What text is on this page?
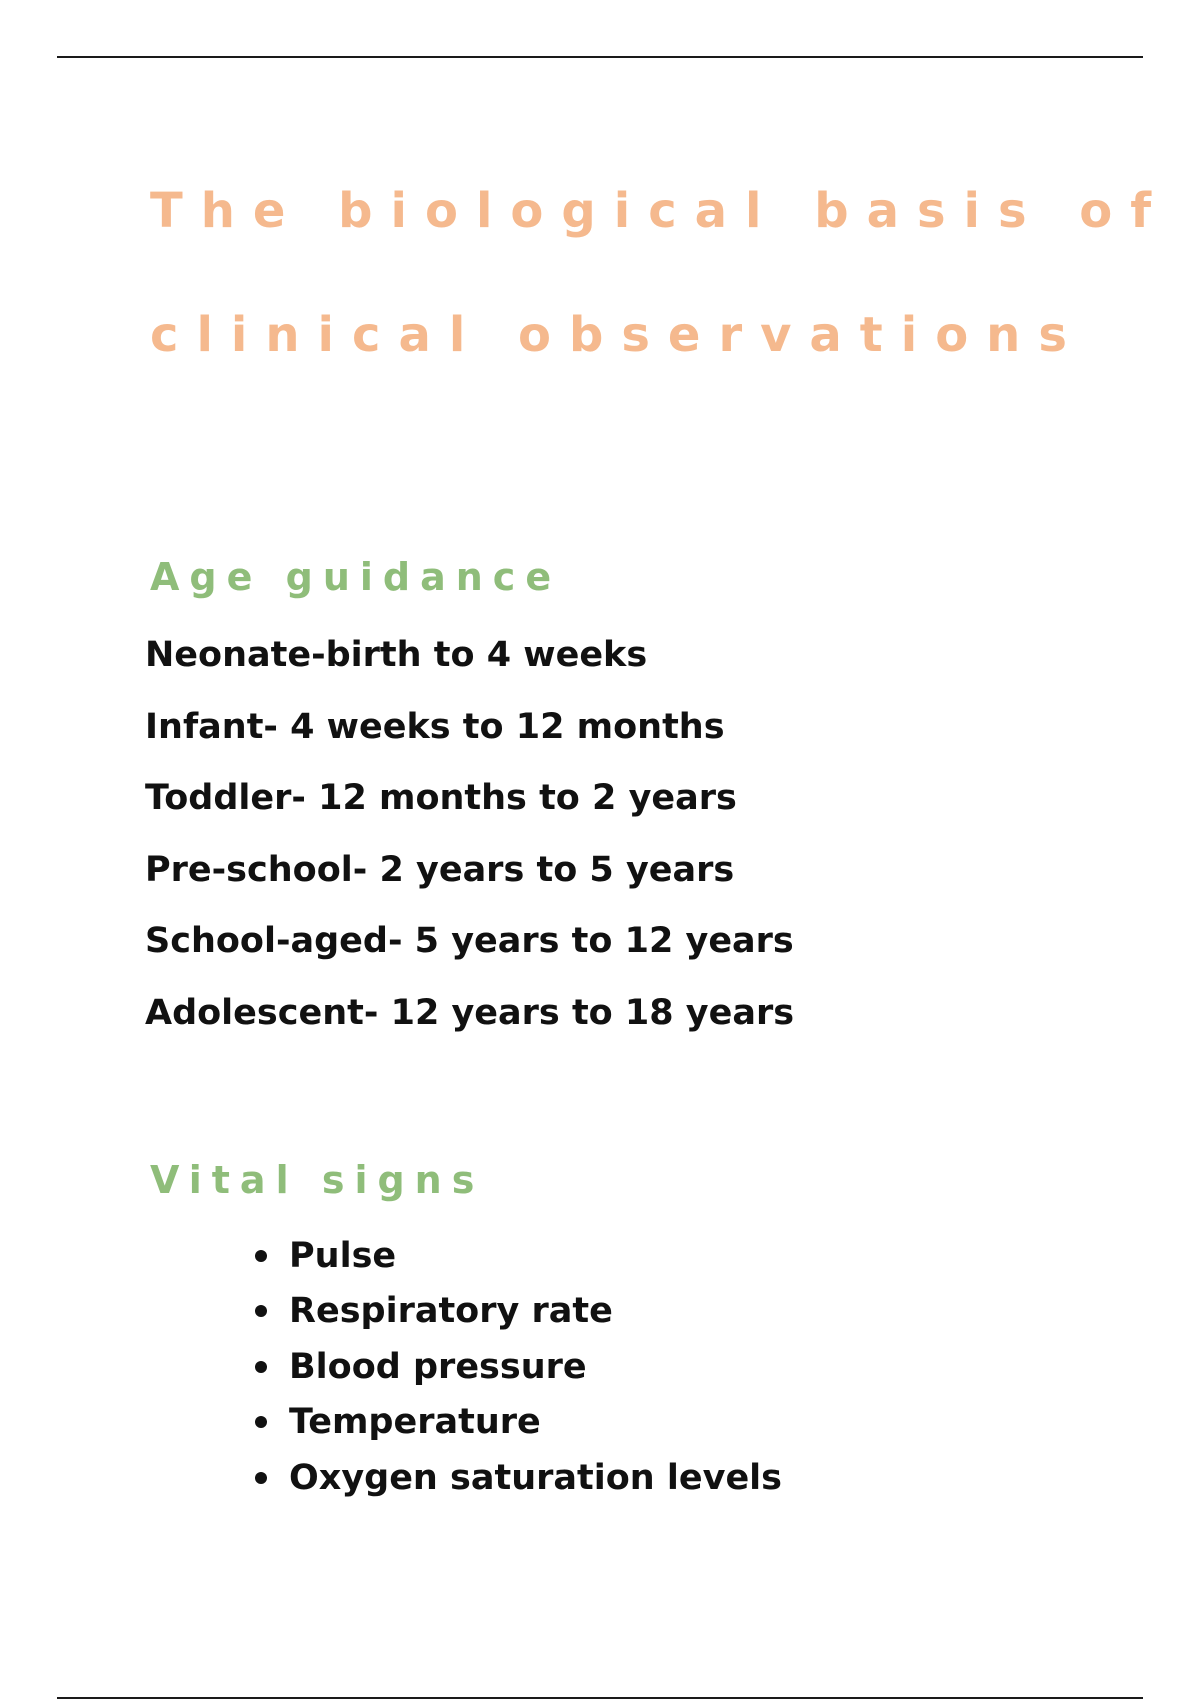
The biological basis of
clinical observations
Age guidance
Neonate-birth to 4 weeks
Infant- 4 weeks to 12 months
Toddler- 12 months to 2 years
Pre-school- 2 years to 5 years
School-aged- 5 years to 12 years
Adolescent- 12 years to 18 years
Vital signs
Pulse
Respiratory rate
Blood pressure
Temperature
Oxygen saturation levels
